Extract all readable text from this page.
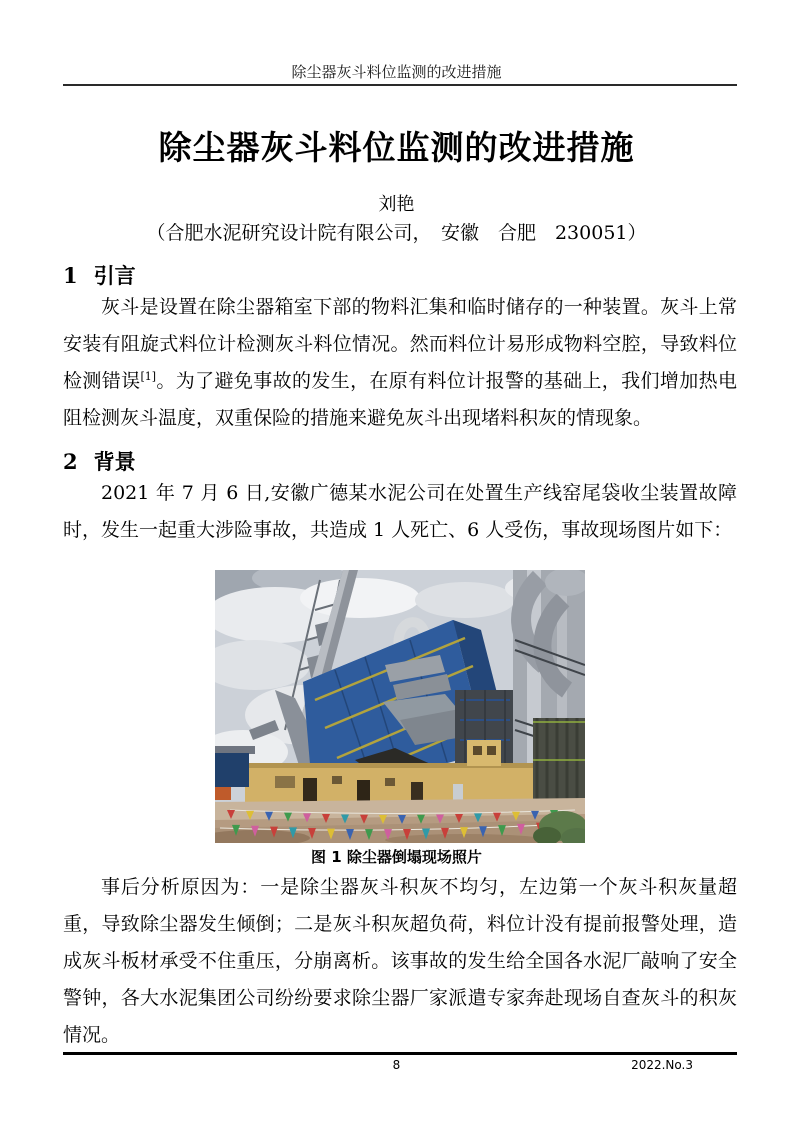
除尘器灰斗料位监测的改进措施
除尘器灰斗料位监测的改进措施
刘艳
（合肥水泥研究设计院有限公司，　安徽　合肥　230051）
1 引言

灰斗是设置在除尘器箱室下部的物料汇集和临时储存的一种装置。灰斗上常安装有阻旋式料位计检测灰斗料位情况。然而料位计易形成物料空腔，导致料位检测错误[1]。为了避免事故的发生，在原有料位计报警的基础上，我们增加热电阻检测灰斗温度，双重保险的措施来避免灰斗出现堵料积灰的情现象。

2 背景

2021 年 7 月 6 日,安徽广德某水泥公司在处置生产线窑尾袋收尘装置故障时，发生一起重大涉险事故，共造成 1 人死亡、6 人受伤，事故现场图片如下：

图 1 除尘器倒塌现场照片

事后分析原因为：一是除尘器灰斗积灰不均匀，左边第一个灰斗积灰量超重，导致除尘器发生倾倒；二是灰斗积灰超负荷，料位计没有提前报警处理，造成灰斗板材承受不住重压，分崩离析。该事故的发生给全国各水泥厂敲响了安全警钟，各大水泥集团公司纷纷要求除尘器厂家派遣专家奔赴现场自查灰斗的积灰情况。

8	2022.No.3
